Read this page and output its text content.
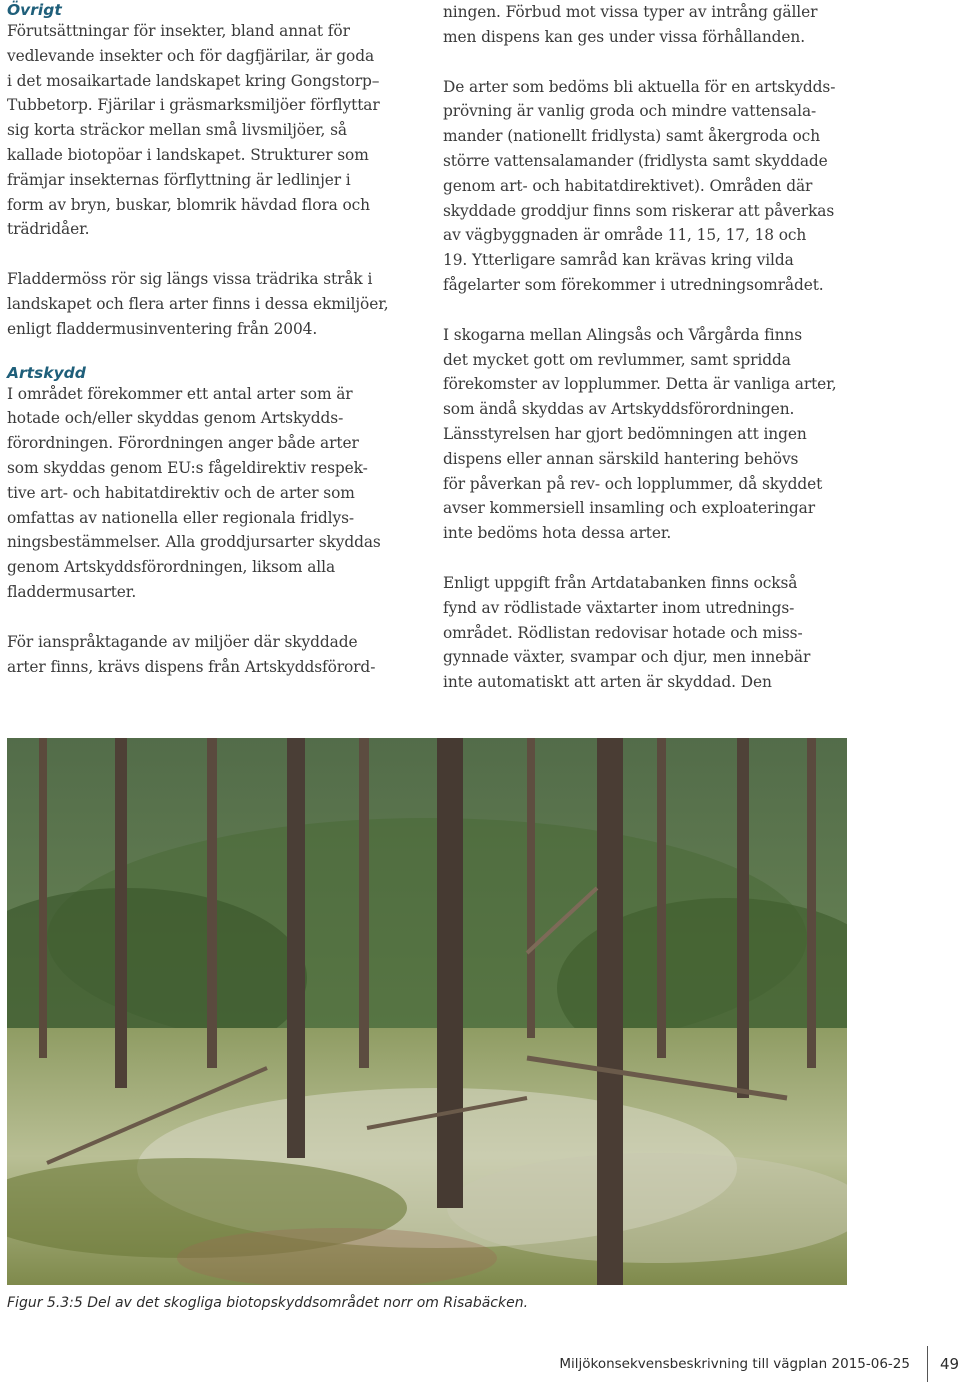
Övrigt

Förutsättningar för insekter, bland annat för
vedlevande insekter och för dagfjärilar, är goda
i det mosaikartade landskapet kring Gongstorp–
Tubbetorp. Fjärilar i gräsmarksmiljöer förflyttar
sig korta sträckor mellan små livsmiljöer, så
kallade biotopöar i landskapet. Strukturer som
främjar insekternas förflyttning är ledlinjer i
form av bryn, buskar, blomrik hävdad flora och
trädridåer.

Fladdermöss rör sig längs vissa trädrika stråk i
landskapet och flera arter finns i dessa ekmiljöer,
enligt fladdermusinventering från 2004.

Artskydd

I området förekommer ett antal arter som är
hotade och/eller skyddas genom Artskydds-
förordningen. Förordningen anger både arter
som skyddas genom EU:s fågeldirektiv respek-
tive art- och habitatdirektiv och de arter som
omfattas av nationella eller regionala fridlys-
ningsbestämmelser. Alla groddjursarter skyddas
genom Artskyddsförordningen, liksom alla
fladdermusarter.

För ianspråktagande av miljöer där skyddade
arter finns, krävs dispens från Artskyddsförord-

ningen. Förbud mot vissa typer av intrång gäller
men dispens kan ges under vissa förhållanden.

De arter som bedöms bli aktuella för en artskydds-
prövning är vanlig groda och mindre vattensala-
mander (nationellt fridlysta) samt åkergroda och
större vattensalamander (fridlysta samt skyddade
genom art- och habitatdirektivet). Områden där
skyddade groddjur finns som riskerar att påverkas
av vägbyggnaden är område 11, 15, 17, 18 och
19. Ytterligare samråd kan krävas kring vilda
fågelarter som förekommer i utredningsområdet.

I skogarna mellan Alingsås och Vårgårda finns
det mycket gott om revlummer, samt spridda
förekomster av lopplummer. Detta är vanliga arter,
som ändå skyddas av Artskyddsförordningen.
Länsstyrelsen har gjort bedömningen att ingen
dispens eller annan särskild hantering behövs
för påverkan på rev- och lopplummer, då skyddet
avser kommersiell insamling och exploateringar
inte bedöms hota dessa arter.

Enligt uppgift från Artdatabanken finns också
fynd av rödlistade växtarter inom utrednings-
området. Rödlistan redovisar hotade och miss-
gynnade växter, svampar och djur, men innebär
inte automatiskt att arten är skyddad. Den

Figur 5.3:5 Del av det skogliga biotopskyddsområdet norr om Risabäcken.
Miljökonsekvensbeskrivning till vägplan 2015-06-25 49
